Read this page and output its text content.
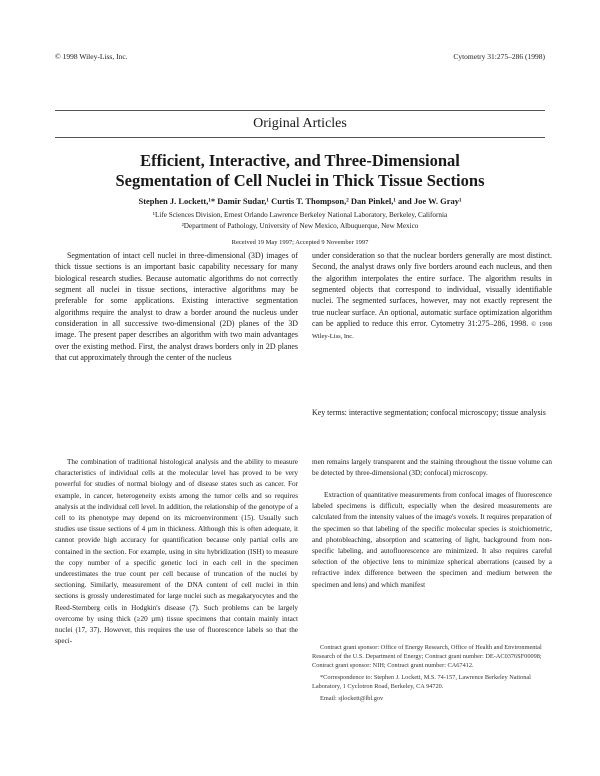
© 1998 Wiley-Liss, Inc.	Cytometry 31:275–286 (1998)
Original Articles
Efficient, Interactive, and Three-Dimensional
Segmentation of Cell Nuclei in Thick Tissue Sections
Stephen J. Lockett,¹* Damir Sudar,¹ Curtis T. Thompson,² Dan Pinkel,¹ and Joe W. Gray¹
¹Life Sciences Division, Ernest Orlando Lawrence Berkeley National Laboratory, Berkeley, California
²Department of Pathology, University of New Mexico, Albuquerque, New Mexico
Received 19 May 1997; Accepted 9 November 1997
Segmentation of intact cell nuclei in three-dimensional (3D) images of thick tissue sections is an important basic capability necessary for many biological research studies. Because automatic algorithms do not correctly segment all nuclei in tissue sections, interactive algorithms may be preferable for some applications. Existing interactive segmentation algorithms require the analyst to draw a border around the nucleus under consideration in all successive two-dimensional (2D) planes of the 3D image. The present paper describes an algorithm with two main advantages over the existing method. First, the analyst draws borders only in 2D planes that cut approximately through the center of the nucleus
under consideration so that the nuclear borders generally are most distinct. Second, the analyst draws only five borders around each nucleus, and then the algorithm interpolates the entire surface. The algorithm results in segmented objects that correspond to individual, visually identifiable nuclei. The segmented surfaces, however, may not exactly represent the true nuclear surface. An optional, automatic surface optimization algorithm can be applied to reduce this error. Cytometry 31:275–286, 1998. © 1998 Wiley-Liss, Inc.
Key terms: interactive segmentation; confocal microscopy; tissue analysis
The combination of traditional histological analysis and the ability to measure characteristics of individual cells at the molecular level has proved to be very powerful for studies of normal biology and of disease states such as cancer. For example, in cancer, heterogeneity exists among the tumor cells and so requires analysis at the individual cell level. In addition, the relationship of the genotype of a cell to its phenotype may depend on its microenvironment (15). Usually such studies use tissue sections of 4 µm in thickness. Although this is often adequate, it cannot provide high accuracy for quantification because only partial cells are contained in the section. For example, using in situ hybridization (ISH) to measure the copy number of a specific genetic loci in each cell in the specimen underestimates the true count per cell because of truncation of the nuclei by sectioning. Similarly, measurement of the DNA content of cell nuclei in thin sections is grossly underestimated for large nuclei such as megakaryocytes and the Reed-Sternberg cells in Hodgkin's disease (7). Such problems can be largely overcome by using thick (≥20 µm) tissue specimens that contain mainly intact nuclei (17, 37). However, this requires the use of fluorescence labels so that the speci-
men remains largely transparent and the staining throughout the tissue volume can be detected by three-dimensional (3D; confocal) microscopy.
Extraction of quantitative measurements from confocal images of fluorescence labeled specimens is difficult, especially when the desired measurements are calculated from the intensity values of the image's voxels. It requires preparation of the specimen so that labeling of the specific molecular species is stoichiometric, and photobleaching, absorption and scattering of light, background from non-specific labeling, and autofluorescence are minimized. It also requires careful selection of the objective lens to minimize spherical aberrations (caused by a refractive index difference between the specimen and medium between the specimen and lens) and which manifest
Contract grant sponsor: Office of Energy Research, Office of Health and Environmental Research of the U.S. Department of Energy; Contract grant number: DE-AC0376SF00098; Contract grant sponsor: NIH; Contract grant number: CA67412.
*Correspondence to: Stephen J. Lockett, M.S. 74-157, Lawrence Berkeley National Laboratory, 1 Cyclotron Road, Berkeley, CA 94720.
Email: sjlockett@lbl.gov
